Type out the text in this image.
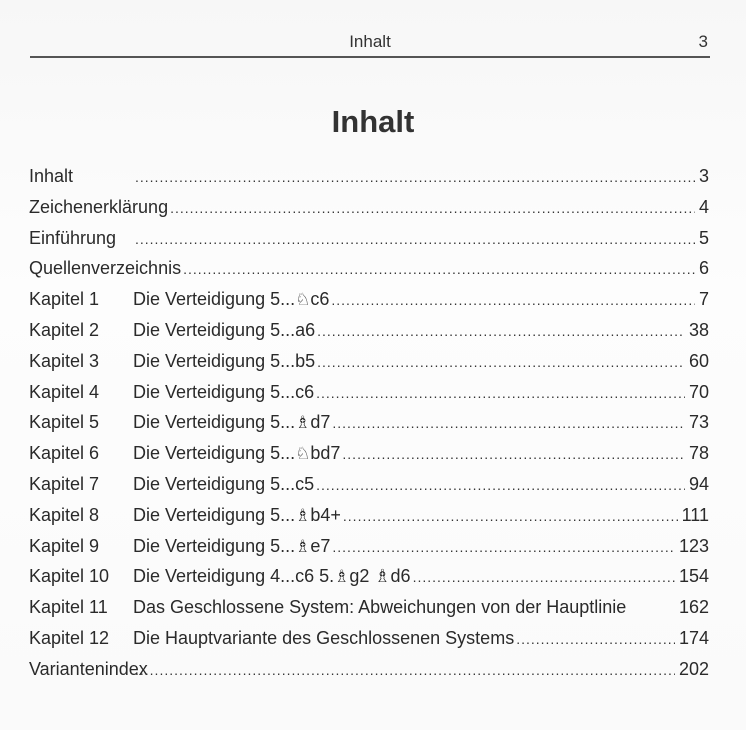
Inhalt	3
Inhalt
Inhalt .....	3
Zeichenerklärung .....	4
Einführung .....	5
Quellenverzeichnis .....	6
Kapitel 1	Die Verteidigung 5...♘c6 .....	7
Kapitel 2	Die Verteidigung 5...a6 .....	38
Kapitel 3	Die Verteidigung 5...b5 .....	60
Kapitel 4	Die Verteidigung 5...c6 .....	70
Kapitel 5	Die Verteidigung 5...♗d7 .....	73
Kapitel 6	Die Verteidigung 5...♘bd7 .....	78
Kapitel 7	Die Verteidigung 5...c5 .....	94
Kapitel 8	Die Verteidigung 5...♗b4+ .....	111
Kapitel 9	Die Verteidigung 5...♗e7 .....	123
Kapitel 10	Die Verteidigung 4...c6 5.♗g2 ♗d6 .....	154
Kapitel 11	Das Geschlossene System: Abweichungen von der Hauptlinie	162
Kapitel 12	Die Hauptvariante des Geschlossenen Systems .....	174
Variantenindex .....	202
